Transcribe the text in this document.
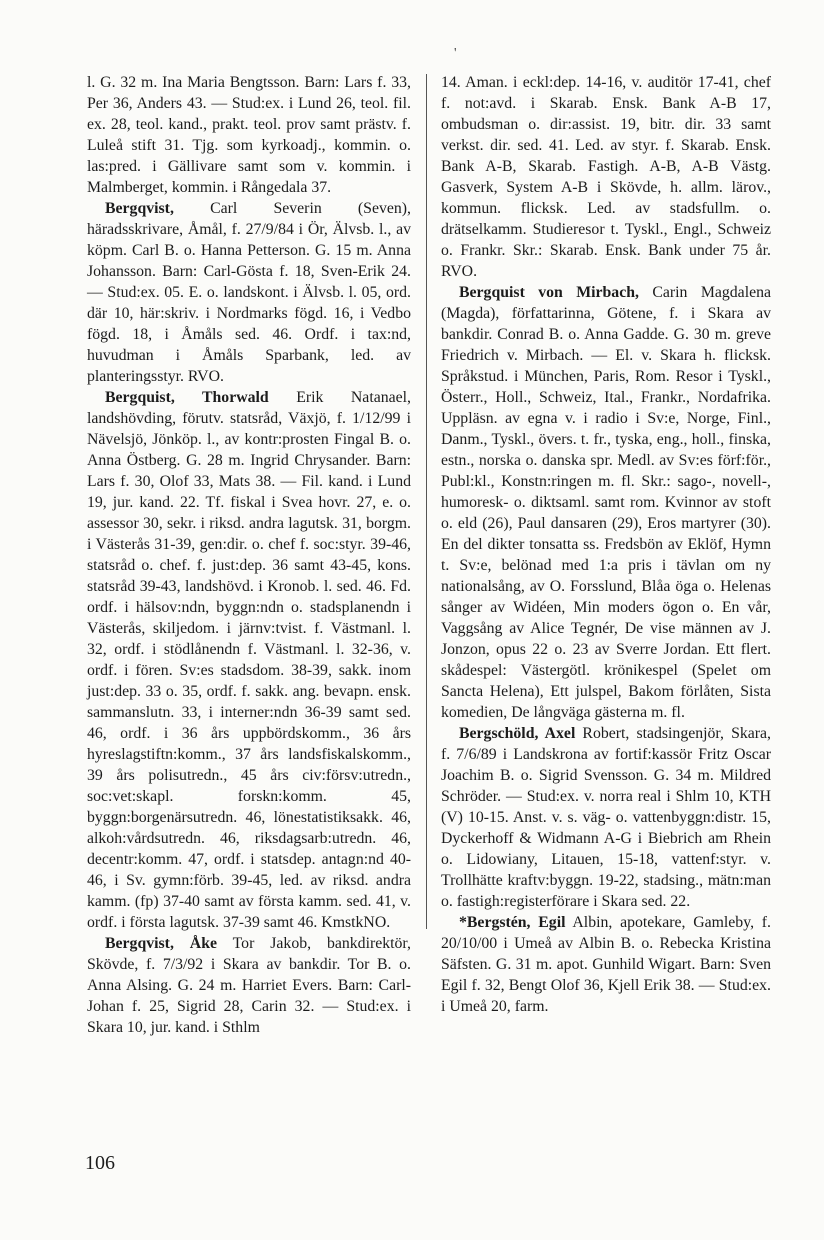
'

l. G. 32 m. Ina Maria Bengtsson. Barn: Lars f. 33, Per 36, Anders 43. — Stud:ex. i Lund 26, teol. fil. ex. 28, teol. kand., prakt. teol. prov samt prästv. f. Luleå stift 31. Tjg. som kyrkoadj., kommin. o. las:pred. i Gällivare samt som v. kommin. i Malmberget, kommin. i Rångedala 37.

Bergqvist, Carl Severin (Seven), häradsskrivare, Åmål, f. 27/9/84 i Ör, Älvsb. l., av köpm. Carl B. o. Hanna Petterson. G. 15 m. Anna Johansson. Barn: Carl-Gösta f. 18, Sven-Erik 24. — Stud:ex. 05. E. o. landskont. i Älvsb. l. 05, ord. där 10, här:skriv. i Nordmarks fögd. 16, i Vedbo fögd. 18, i Åmåls sed. 46. Ordf. i tax:nd, huvudman i Åmåls Sparbank, led. av planteringsstyr. RVO.

Bergquist, Thorwald Erik Natanael, landshövding, förutv. statsråd, Växjö, f. 1/12/99 i Nävelsjö, Jönköp. l., av kontr:prosten Fingal B. o. Anna Östberg. G. 28 m. Ingrid Chrysander. Barn: Lars f. 30, Olof 33, Mats 38. — Fil. kand. i Lund 19, jur. kand. 22. Tf. fiskal i Svea hovr. 27, e. o. assessor 30, sekr. i riksd. andra lagutsk. 31, borgm. i Västerås 31-39, gen:dir. o. chef f. soc:styr. 39-46, statsråd o. chef. f. just:dep. 36 samt 43-45, kons. statsråd 39-43, landshövd. i Kronob. l. sed. 46. Fd. ordf. i hälsov:ndn, byggn:ndn o. stadsplanendn i Västerås, skiljedom. i järnv:tvist. f. Västmanl. l. 32, ordf. i stödlånendn f. Västmanl. l. 32-36, v. ordf. i fören. Sv:es stadsdom. 38-39, sakk. inom just:dep. 33 o. 35, ordf. f. sakk. ang. bevapn. ensk. sammanslutn. 33, i interner:ndn 36-39 samt sed. 46, ordf. i 36 års uppbördskomm., 36 års hyreslagstiftn:komm., 37 års landsfiskalskomm., 39 års polisutredn., 45 års civ:försv:utredn., soc:vet:skapl. forskn:komm. 45, byggn:borgenärsutredn. 46, lönestatistiksakk. 46, alkoh:vårdsutredn. 46, riksdagsarb:utredn. 46, decentr:komm. 47, ordf. i statsdep. antagn:nd 40-46, i Sv. gymn:förb. 39-45, led. av riksd. andra kamm. (fp) 37-40 samt av första kamm. sed. 41, v. ordf. i första lagutsk. 37-39 samt 46. KmstkNO.

Bergqvist, Åke Tor Jakob, bankdirektör, Skövde, f. 7/3/92 i Skara av bankdir. Tor B. o. Anna Alsing. G. 24 m. Harriet Evers. Barn: Carl-Johan f. 25, Sigrid 28, Carin 32. — Stud:ex. i Skara 10, jur. kand. i Sthlm

14. Aman. i eckl:dep. 14-16, v. auditör 17-41, chef f. not:avd. i Skarab. Ensk. Bank A-B 17, ombudsman o. dir:assist. 19, bitr. dir. 33 samt verkst. dir. sed. 41. Led. av styr. f. Skarab. Ensk. Bank A-B, Skarab. Fastigh. A-B, A-B Västg. Gasverk, System A-B i Skövde, h. allm. lärov., kommun. flicksk. Led. av stadsfullm. o. drätselkamm. Studieresor t. Tyskl., Engl., Schweiz o. Frankr. Skr.: Skarab. Ensk. Bank under 75 år. RVO.

Bergquist von Mirbach, Carin Magdalena (Magda), författarinna, Götene, f. i Skara av bankdir. Conrad B. o. Anna Gadde. G. 30 m. greve Friedrich v. Mirbach. — El. v. Skara h. flicksk. Språkstud. i München, Paris, Rom. Resor i Tyskl., Österr., Holl., Schweiz, Ital., Frankr., Nordafrika. Uppläsn. av egna v. i radio i Sv:e, Norge, Finl., Danm., Tyskl., övers. t. fr., tyska, eng., holl., finska, estn., norska o. danska spr. Medl. av Sv:es förf:för., Publ:kl., Konstn:ringen m. fl. Skr.: sago-, novell-, humoresk- o. diktsaml. samt rom. Kvinnor av stoft o. eld (26), Paul dansaren (29), Eros martyrer (30). En del dikter tonsatta ss. Fredsbön av Eklöf, Hymn t. Sv:e, belönad med 1:a pris i tävlan om ny nationalsång, av O. Forsslund, Blåa öga o. Helenas sånger av Widéen, Min moders ögon o. En vår, Vaggsång av Alice Tegnér, De vise männen av J. Jonzon, opus 22 o. 23 av Sverre Jordan. Ett flert. skådespel: Västergötl. krönikespel (Spelet om Sancta Helena), Ett julspel, Bakom förlåten, Sista komedien, De långväga gästerna m. fl.

Bergschöld, Axel Robert, stadsingenjör, Skara, f. 7/6/89 i Landskrona av fortif:kassör Fritz Oscar Joachim B. o. Sigrid Svensson. G. 34 m. Mildred Schröder. — Stud:ex. v. norra real i Shlm 10, KTH (V) 10-15. Anst. v. s. väg- o. vattenbyggn:distr. 15, Dyckerhoff & Widmann A-G i Biebrich am Rhein o. Lidowiany, Litauen, 15-18, vattenf:styr. v. Trollhätte kraftv:byggn. 19-22, stadsing., mätn:man o. fastigh:registerförare i Skara sed. 22.

*Bergstén, Egil Albin, apotekare, Gamleby, f. 20/10/00 i Umeå av Albin B. o. Rebecka Kristina Säfsten. G. 31 m. apot. Gunhild Wigart. Barn: Sven Egil f. 32, Bengt Olof 36, Kjell Erik 38. — Stud:ex. i Umeå 20, farm.

106
